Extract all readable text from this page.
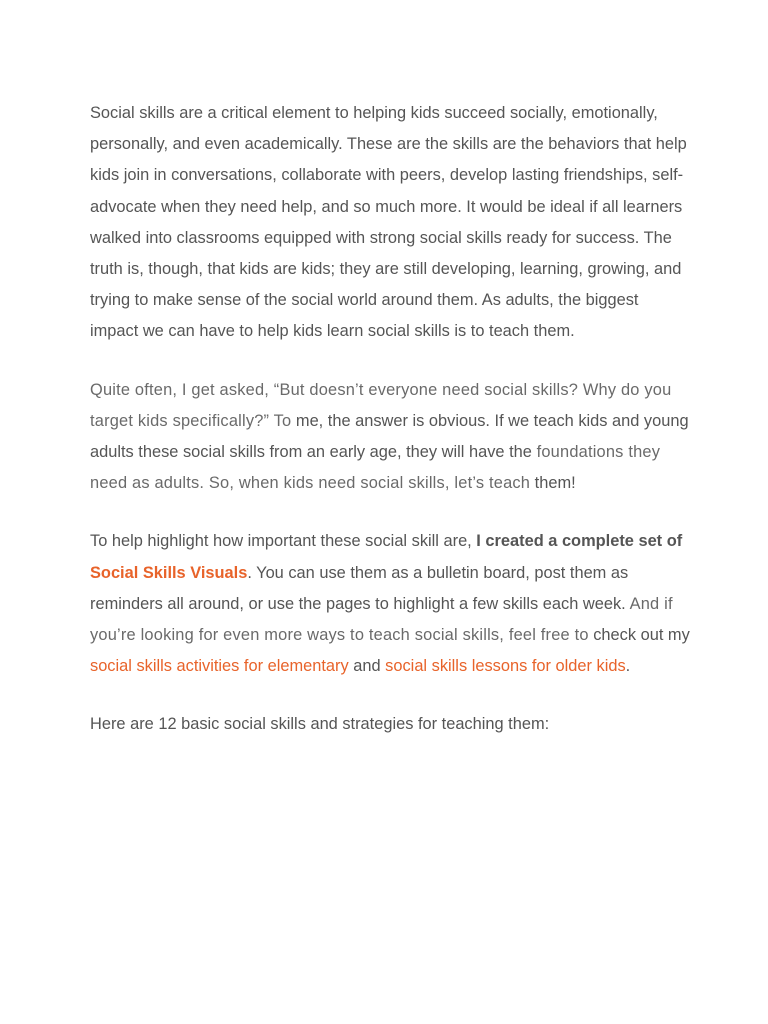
Social skills are a critical element to helping kids succeed socially, emotionally, personally, and even academically. These are the skills are the behaviors that help kids join in conversations, collaborate with peers, develop lasting friendships, self-advocate when they need help, and so much more. It would be ideal if all learners walked into classrooms equipped with strong social skills ready for success. The truth is, though, that kids are kids; they are still developing, learning, growing, and trying to make sense of the social world around them. As adults, the biggest impact we can have to help kids learn social skills is to teach them.

Quite often, I get asked, “But doesn’t everyone need social skills? Why do you target kids specifically?” To me, the answer is obvious. If we teach kids and young adults these social skills from an early age, they will have the foundations they need as adults. So, when kids need social skills, let’s teach them!

To help highlight how important these social skill are, I created a complete set of Social Skills Visuals. You can use them as a bulletin board, post them as reminders all around, or use the pages to highlight a few skills each week. And if you’re looking for even more ways to teach social skills, feel free to check out my social skills activities for elementary and social skills lessons for older kids.

Here are 12 basic social skills and strategies for teaching them:
